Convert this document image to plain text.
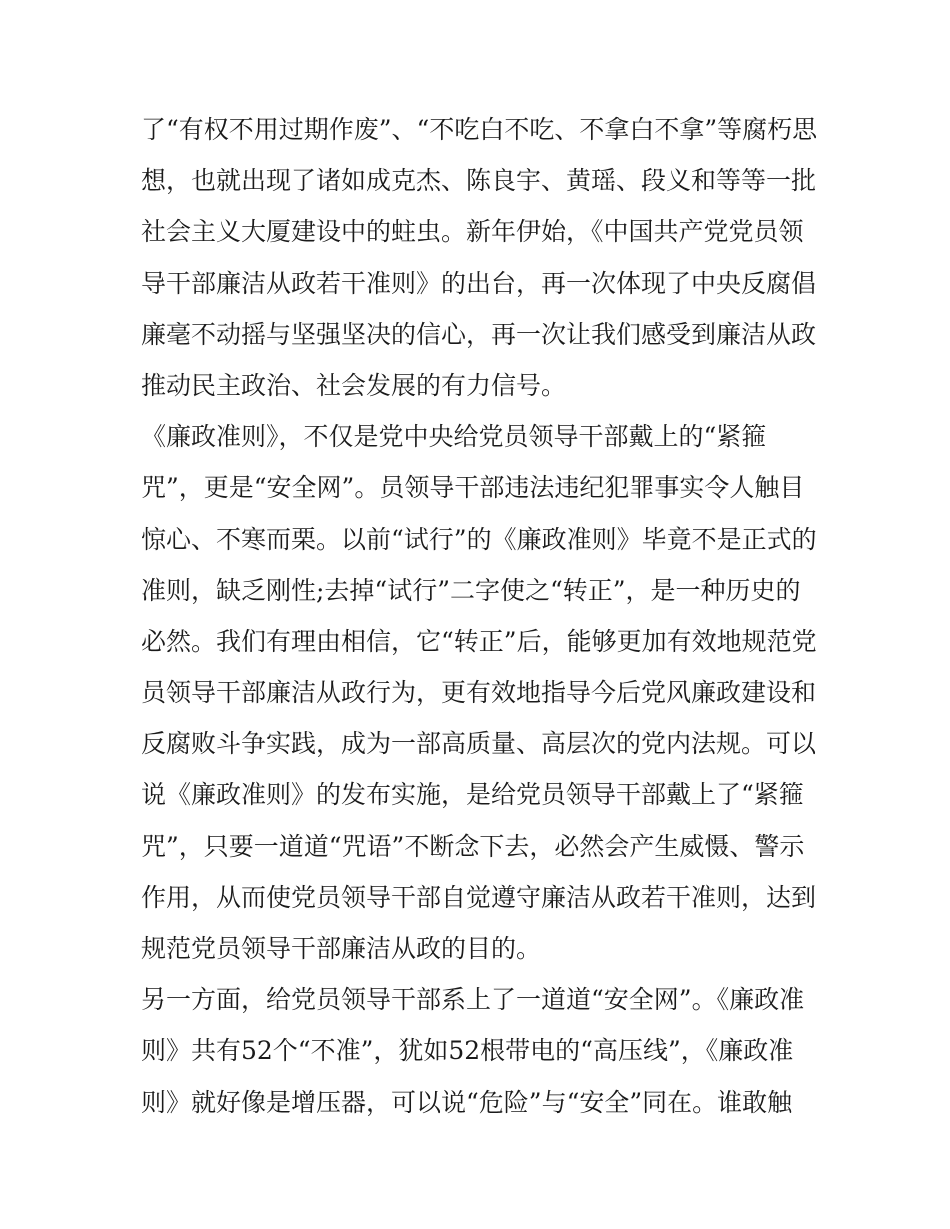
了“有权不用过期作废”、“不吃白不吃、不拿白不拿”等腐朽思
想，也就出现了诸如成克杰、陈良宇、黄瑶、段义和等等一批
社会主义大厦建设中的蛀虫。新年伊始，《中国共产党党员领
导干部廉洁从政若干准则》的出台，再一次体现了中央反腐倡
廉毫不动摇与坚强坚决的信心，再一次让我们感受到廉洁从政
推动民主政治、社会发展的有力信号。
《廉政准则》，不仅是党中央给党员领导干部戴上的“紧箍
咒”，更是“安全网”。员领导干部违法违纪犯罪事实令人触目
惊心、不寒而栗。以前“试行”的《廉政准则》毕竟不是正式的
准则，缺乏刚性;去掉“试行”二字使之“转正”，是一种历史的
必然。我们有理由相信，它“转正”后，能够更加有效地规范党
员领导干部廉洁从政行为，更有效地指导今后党风廉政建设和
反腐败斗争实践，成为一部高质量、高层次的党内法规。可以
说《廉政准则》的发布实施，是给党员领导干部戴上了“紧箍
咒”，只要一道道“咒语”不断念下去，必然会产生威慑、警示
作用，从而使党员领导干部自觉遵守廉洁从政若干准则，达到
规范党员领导干部廉洁从政的目的。
另一方面，给党员领导干部系上了一道道“安全网”。《廉政准
则》共有52个“不准”，犹如52根带电的“高压线”，《廉政准
则》就好像是增压器，可以说“危险”与“安全”同在。谁敢触
